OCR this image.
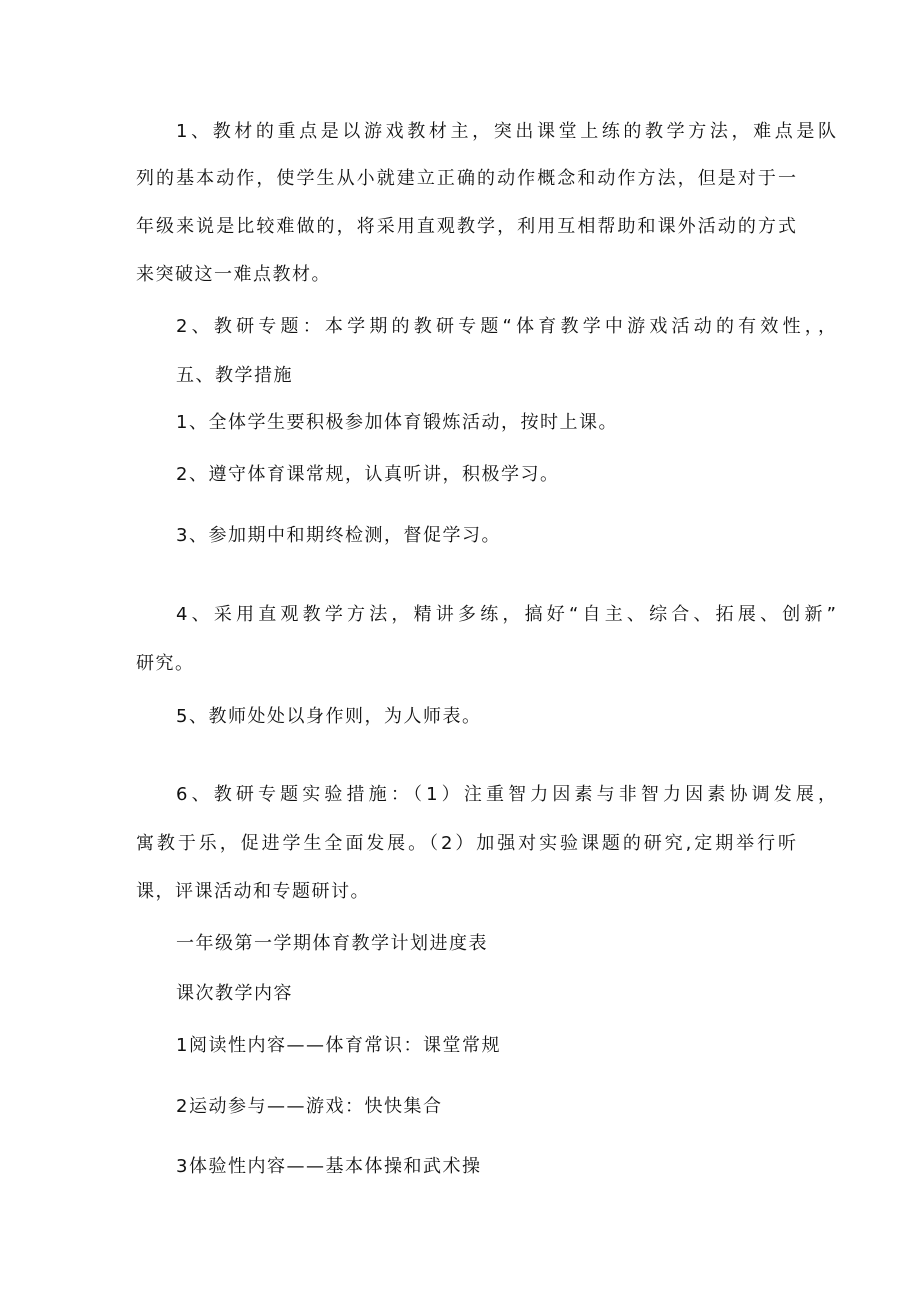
1、教材的重点是以游戏教材主，突出课堂上练的教学方法，难点是队
列的基本动作，使学生从小就建立正确的动作概念和动作方法，但是对于一
年级来说是比较难做的，将采用直观教学，利用互相帮助和课外活动的方式
来突破这一难点教材。
2、教研专题：本学期的教研专题“体育教学中游戏活动的有效性，，
五、教学措施
1、全体学生要积极参加体育锻炼活动，按时上课。
2、遵守体育课常规，认真听讲，积极学习。
3、参加期中和期终检测，督促学习。
4、采用直观教学方法，精讲多练，搞好“自主、综合、拓展、创新”
研究。
5、教师处处以身作则，为人师表。
6、教研专题实验措施：（1）注重智力因素与非智力因素协调发展，
寓教于乐，促进学生全面发展。（2）加强对实验课题的研究,定期举行听
课，评课活动和专题研讨。
一年级第一学期体育教学计划进度表
课次教学内容
1阅读性内容——体育常识：课堂常规
2运动参与——游戏：快快集合
3体验性内容——基本体操和武术操
